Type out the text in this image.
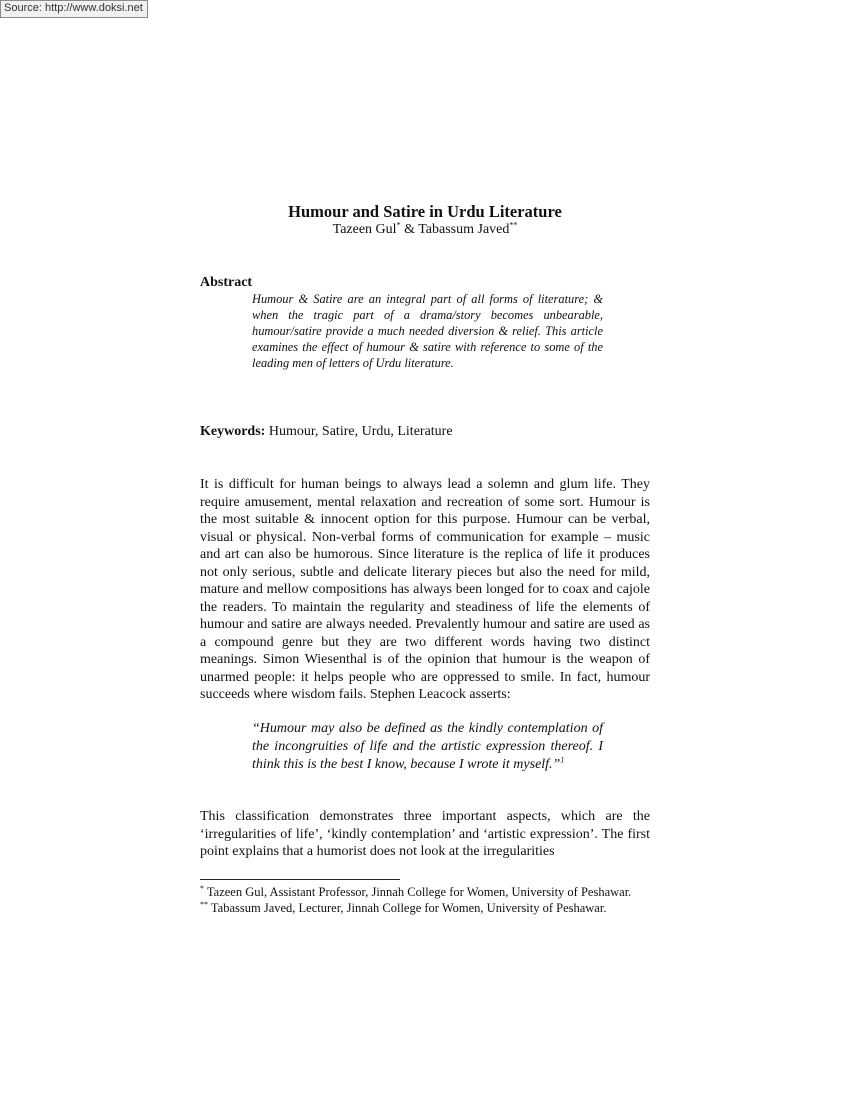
Source: http://www.doksi.net

Humour and Satire in Urdu Literature

Tazeen Gul* & Tabassum Javed**

Abstract
Humour & Satire are an integral part of all forms of literature; & when the tragic part of a drama/story becomes unbearable, humour/satire provide a much needed diversion & relief. This article examines the effect of humour & satire with reference to some of the leading men of letters of Urdu literature.
Keywords: Humour, Satire, Urdu, Literature

It is difficult for human beings to always lead a solemn and glum life. They require amusement, mental relaxation and recreation of some sort. Humour is the most suitable & innocent option for this purpose. Humour can be verbal, visual or physical. Non-verbal forms of communication for example – music and art can also be humorous. Since literature is the replica of life it produces not only serious, subtle and delicate literary pieces but also the need for mild, mature and mellow compositions has always been longed for to coax and cajole the readers. To maintain the regularity and steadiness of life the elements of humour and satire are always needed. Prevalently humour and satire are used as a compound genre but they are two different words having two distinct meanings. Simon Wiesenthal is of the opinion that humour is the weapon of unarmed people: it helps people who are oppressed to smile. In fact, humour succeeds where wisdom fails. Stephen Leacock asserts:

“Humour may also be defined as the kindly contemplation of the incongruities of life and the artistic expression thereof. I think this is the best I know, because I wrote it myself.”$^1$

This classification demonstrates three important aspects, which are the ‘irregularities of life’, ‘kindly contemplation’ and ‘artistic expression’. The first point explains that a humorist does not look at the irregularities

* Tazeen Gul, Assistant Professor, Jinnah College for Women, University of Peshawar.

** Tabassum Javed, Lecturer, Jinnah College for Women, University of Peshawar.
